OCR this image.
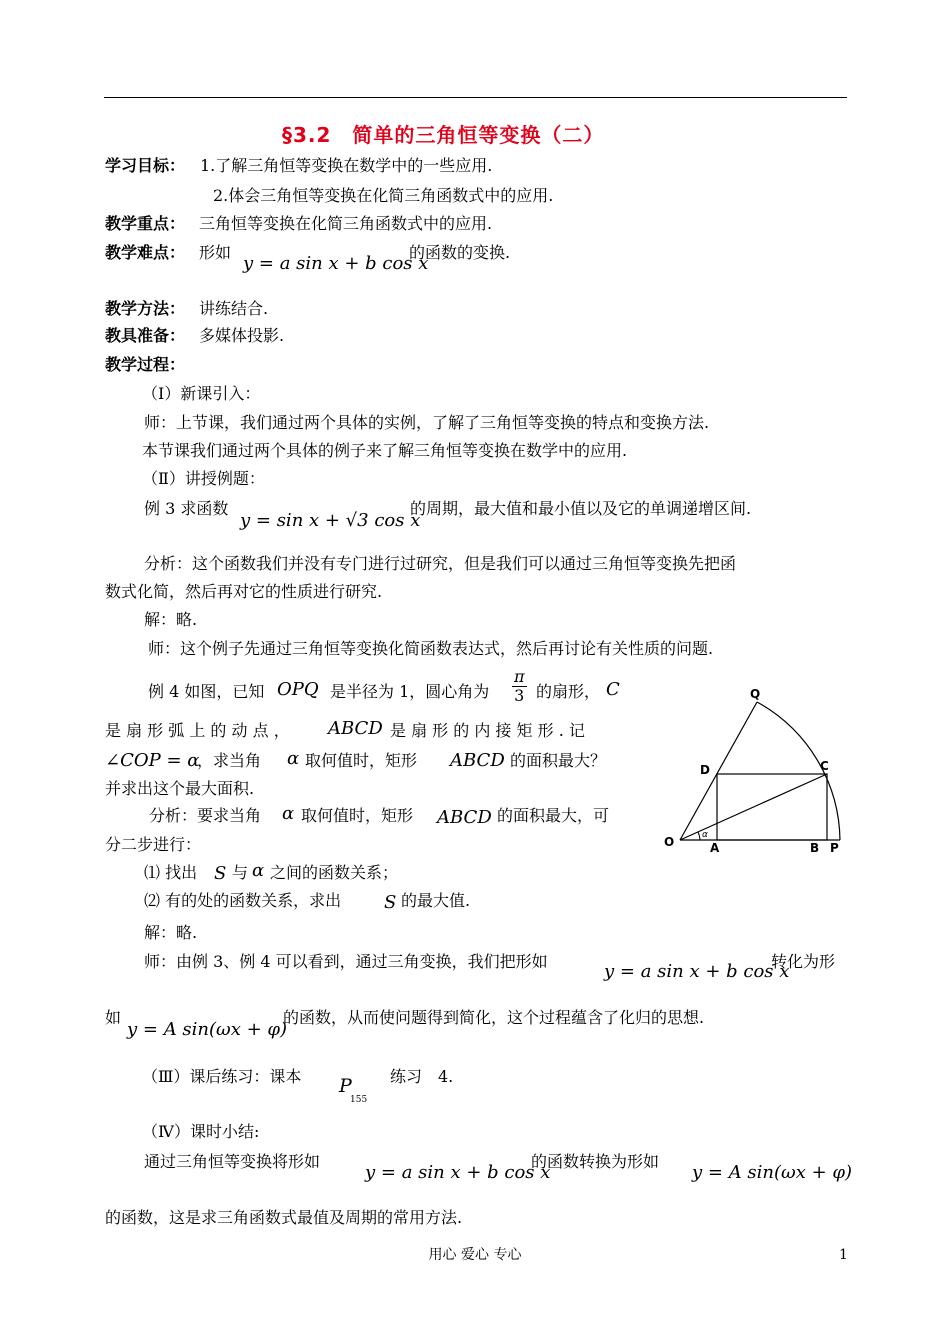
§3.2　简单的三角恒等变换（二）
学习目标： 1.了解三角恒等变换在数学中的一些应用.
2.体会三角恒等变换在化简三角函数式中的应用.
教学重点： 三角恒等变换在化简三角函数式中的应用.
教学难点： 形如
y = a sin x + b cos x
的函数的变换.
教学方法： 讲练结合.
教具准备： 多媒体投影.
教学过程：
（Ⅰ）新课引入：
师：上节课，我们通过两个具体的实例，了解了三角恒等变换的特点和变换方法.
本节课我们通过两个具体的例子来了解三角恒等变换在数学中的应用.
（Ⅱ）讲授例题：
例 3 求函数
y = sin x + √3 cos x
的周期，最大值和最小值以及它的单调递增区间.
分析：这个函数我们并没有专门进行过研究，但是我们可以通过三角恒等变换先把函
数式化简，然后再对它的性质进行研究.
解：略.
师：这个例子先通过三角恒等变换化简函数表达式，然后再讨论有关性质的问题.
例 4 如图，已知 OPQ 是半径为 1，圆心角为 $\frac{\pi}{3}$ 的扇形， C
是 扇 形 弧 上 的 动 点 ， ABCD 是 扇 形 的 内 接 矩 形 . 记
∠COP = α
，求当角 α 取何值时，矩形 ABCD 的面积最大？
并求出这个最大面积.
分析：要求当角 α 取何值时，矩形 ABCD 的面积最大，可
分二步进行：
⑴ 找出 S 与 α 之间的函数关系；
⑵ 有的处的函数关系，求出 S 的最大值.
解：略.
师：由例 3、例 4 可以看到，通过三角变换，我们把形如	y = a sin x + b cos x
转化为形
如
y = A sin(ωx + φ)
的函数，从而使问题得到简化，这个过程蕴含了化归的思想.
Q
D	C
O	A	B P
α
（Ⅲ）课后练习：课本 P
155
练习　4.
（Ⅳ）课时小结:
通过三角恒等变换将形如
y = a sin x + b cos x
的函数转换为形如
y = A sin(ωx + φ)
的函数，这是求三角函数式最值及周期的常用方法.
用心 爱心 专心	1
